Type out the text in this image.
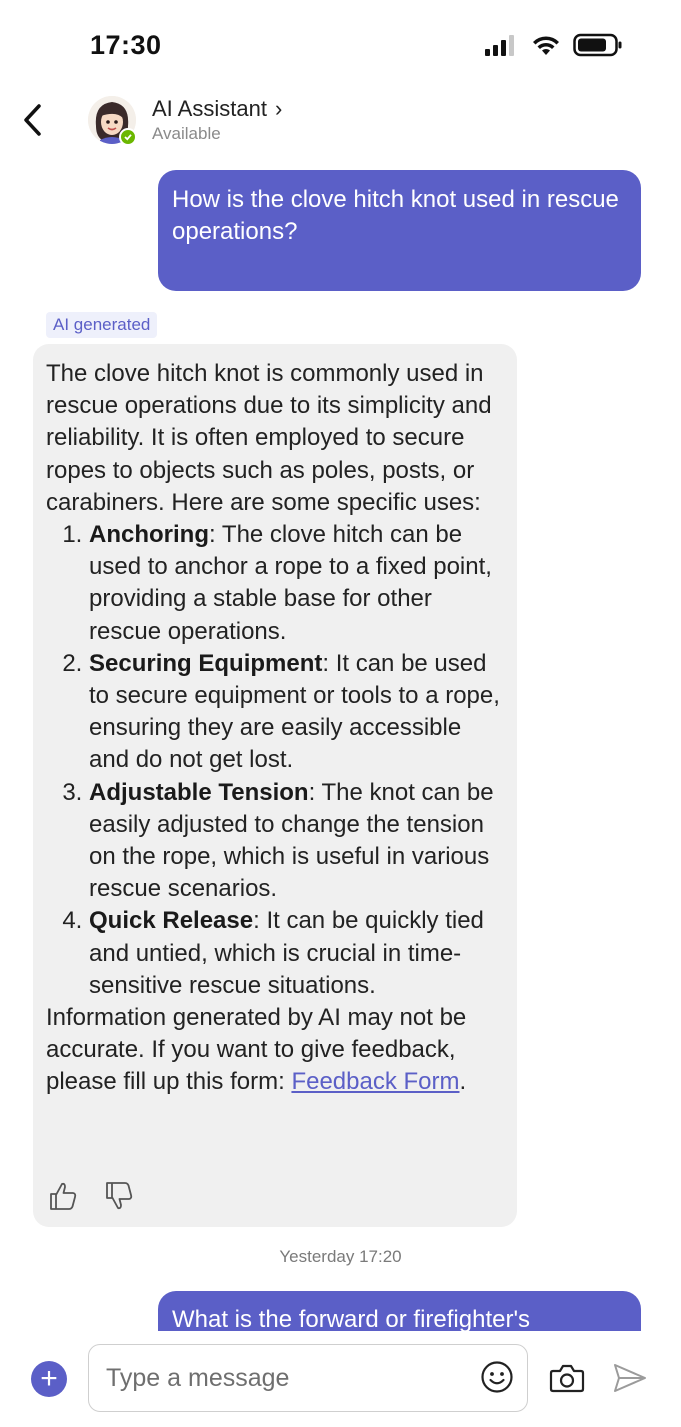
17:30
AI Assistant ›
Available
How is the clove hitch knot used in rescue operations?
AI generated
The clove hitch knot is commonly used in rescue operations due to its simplicity and reliability. It is often employed to secure ropes to objects such as poles, posts, or carabiners. Here are some specific uses:
1. Anchoring: The clove hitch can be used to anchor a rope to a fixed point, providing a stable base for other rescue operations.
2. Securing Equipment: It can be used to secure equipment or tools to a rope, ensuring they are easily accessible and do not get lost.
3. Adjustable Tension: The knot can be easily adjusted to change the tension on the rope, which is useful in various rescue scenarios.
4. Quick Release: It can be quickly tied and untied, which is crucial in time-sensitive rescue situations.
Information generated by AI may not be accurate. If you want to give feedback, please fill up this form: Feedback Form.
Yesterday 17:20
What is the forward or firefighter's
+
Type a message
